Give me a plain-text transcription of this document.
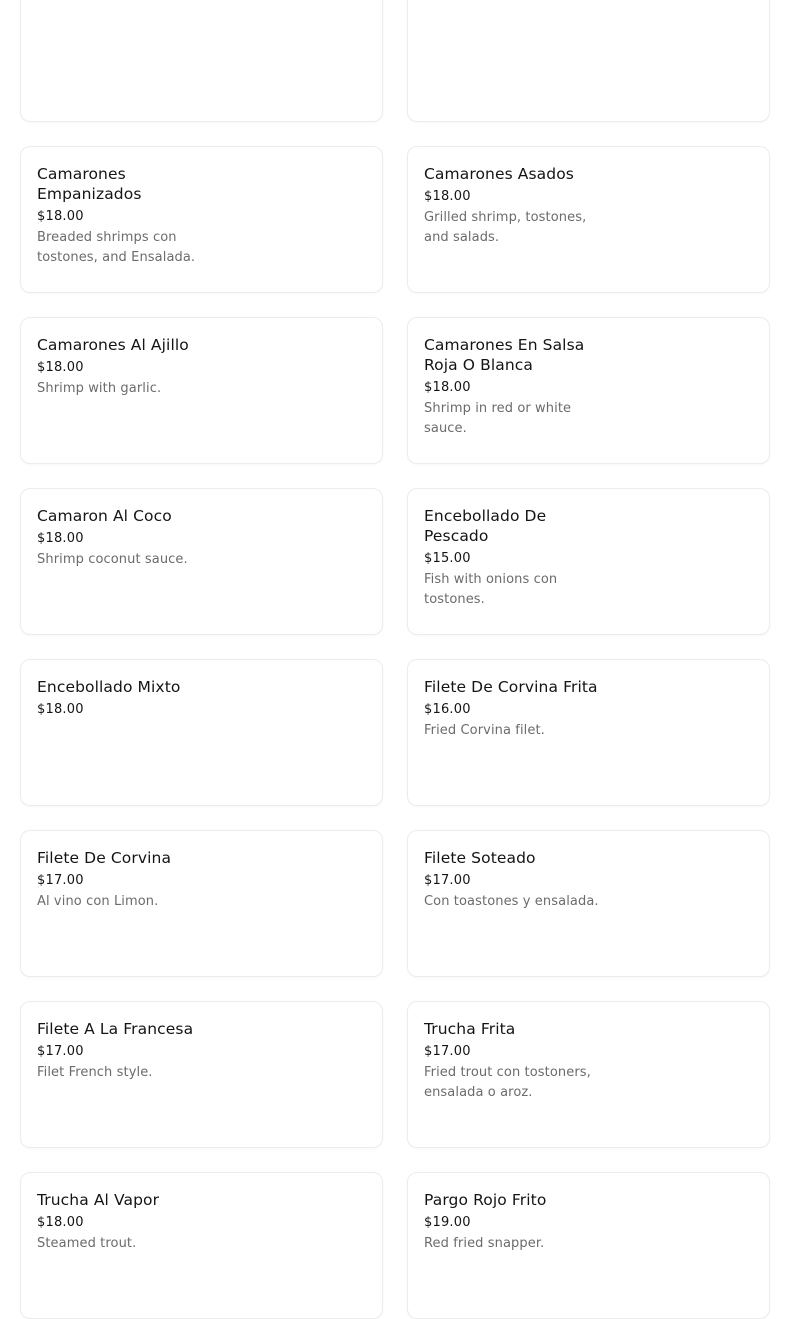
Camarones Empanizados
$18.00
Breaded shrimps con tostones, and Ensalada.
Camarones Asados
$18.00
Grilled shrimp, tostones, and salads.
Camarones Al Ajillo
$18.00
Shrimp with garlic.
Camarones En Salsa Roja O Blanca
$18.00
Shrimp in red or white sauce.
Camaron Al Coco
$18.00
Shrimp coconut sauce.
Encebollado De Pescado
$15.00
Fish with onions con tostones.
Encebollado Mixto
$18.00
Filete De Corvina Frita
$16.00
Fried Corvina filet.
Filete De Corvina
$17.00
Al vino con Limon.
Filete Soteado
$17.00
Con toastones y ensalada.
Filete A La Francesa
$17.00
Filet French style.
Trucha Frita
$17.00
Fried trout con tostoners, ensalada o aroz.
Trucha Al Vapor
$18.00
Steamed trout.
Pargo Rojo Frito
$19.00
Red fried snapper.
